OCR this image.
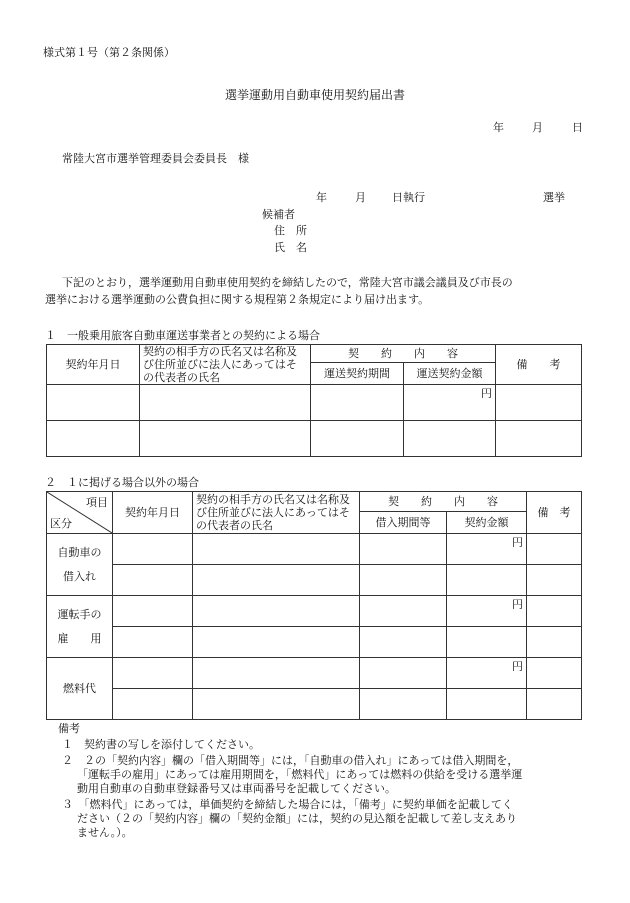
様式第１号（第２条関係）
選挙運動用自動車使用契約届出書
年	月	日
常陸大宮市選挙管理委員会委員長　様
年	月 日執行	選挙
候補者
住　所
氏　名
下記のとおり，選挙運動用自動車使用契約を締結したので，常陸大宮市議会議員及び市長の
選挙における選挙運動の公費負担に関する規程第２条規定により届け出ます。
１　一般乗用旅客自動車運送事業者との契約による場合
契約年月日	契約の相手方の氏名又は名称及び住所並びに法人にあってはその代表者の氏名	契　　約　　内　　容		備　　考
		運送契約期間	運送契約金額	
			円	

２　１に掲げる場合以外の場合
項目
区分	契約年月日	契約の相手方の氏名又は名称及び住所並びに法人にあってはその代表者の氏名	契　　約　　内　　容		備　考
			借入期間等	契約金額	
自動車の
借入れ				円	

運転手の
雇　　用				円	

燃料代				円	

備考
１　契約書の写しを添付してください。
２　２の「契約内容」欄の「借入期間等」には，「自動車の借入れ」にあっては借入期間を，
「運転手の雇用」にあっては雇用期間を，「燃料代」にあっては燃料の供給を受ける選挙運
動用自動車の自動車登録番号又は車両番号を記載してください。
３　「燃料代」にあっては，単価契約を締結した場合には，「備考」に契約単価を記載してく
ださい（２の「契約内容」欄の「契約金額」には，契約の見込額を記載して差し支えあり
ません。）。
